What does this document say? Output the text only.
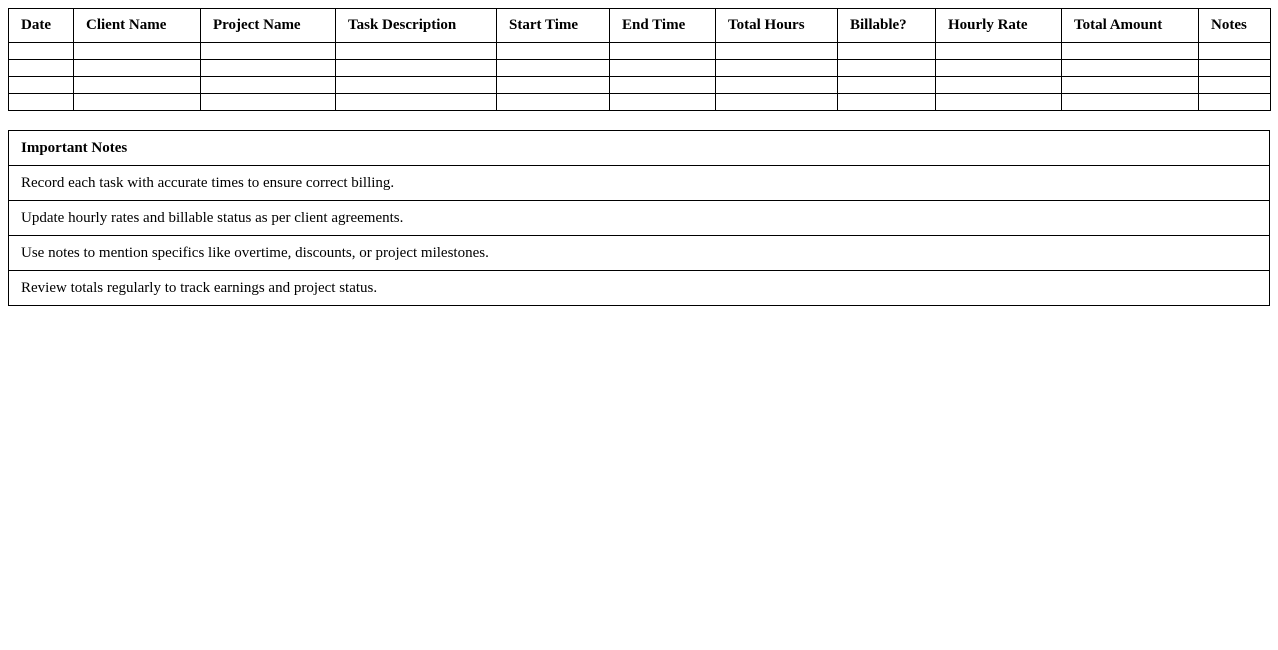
Date	Client Name	Project Name	Task Description	Start Time	End Time	Total Hours	Billable?	Hourly Rate	Total Amount	Notes

Important Notes
Record each task with accurate times to ensure correct billing.
Update hourly rates and billable status as per client agreements.
Use notes to mention specifics like overtime, discounts, or project milestones.
Review totals regularly to track earnings and project status.
